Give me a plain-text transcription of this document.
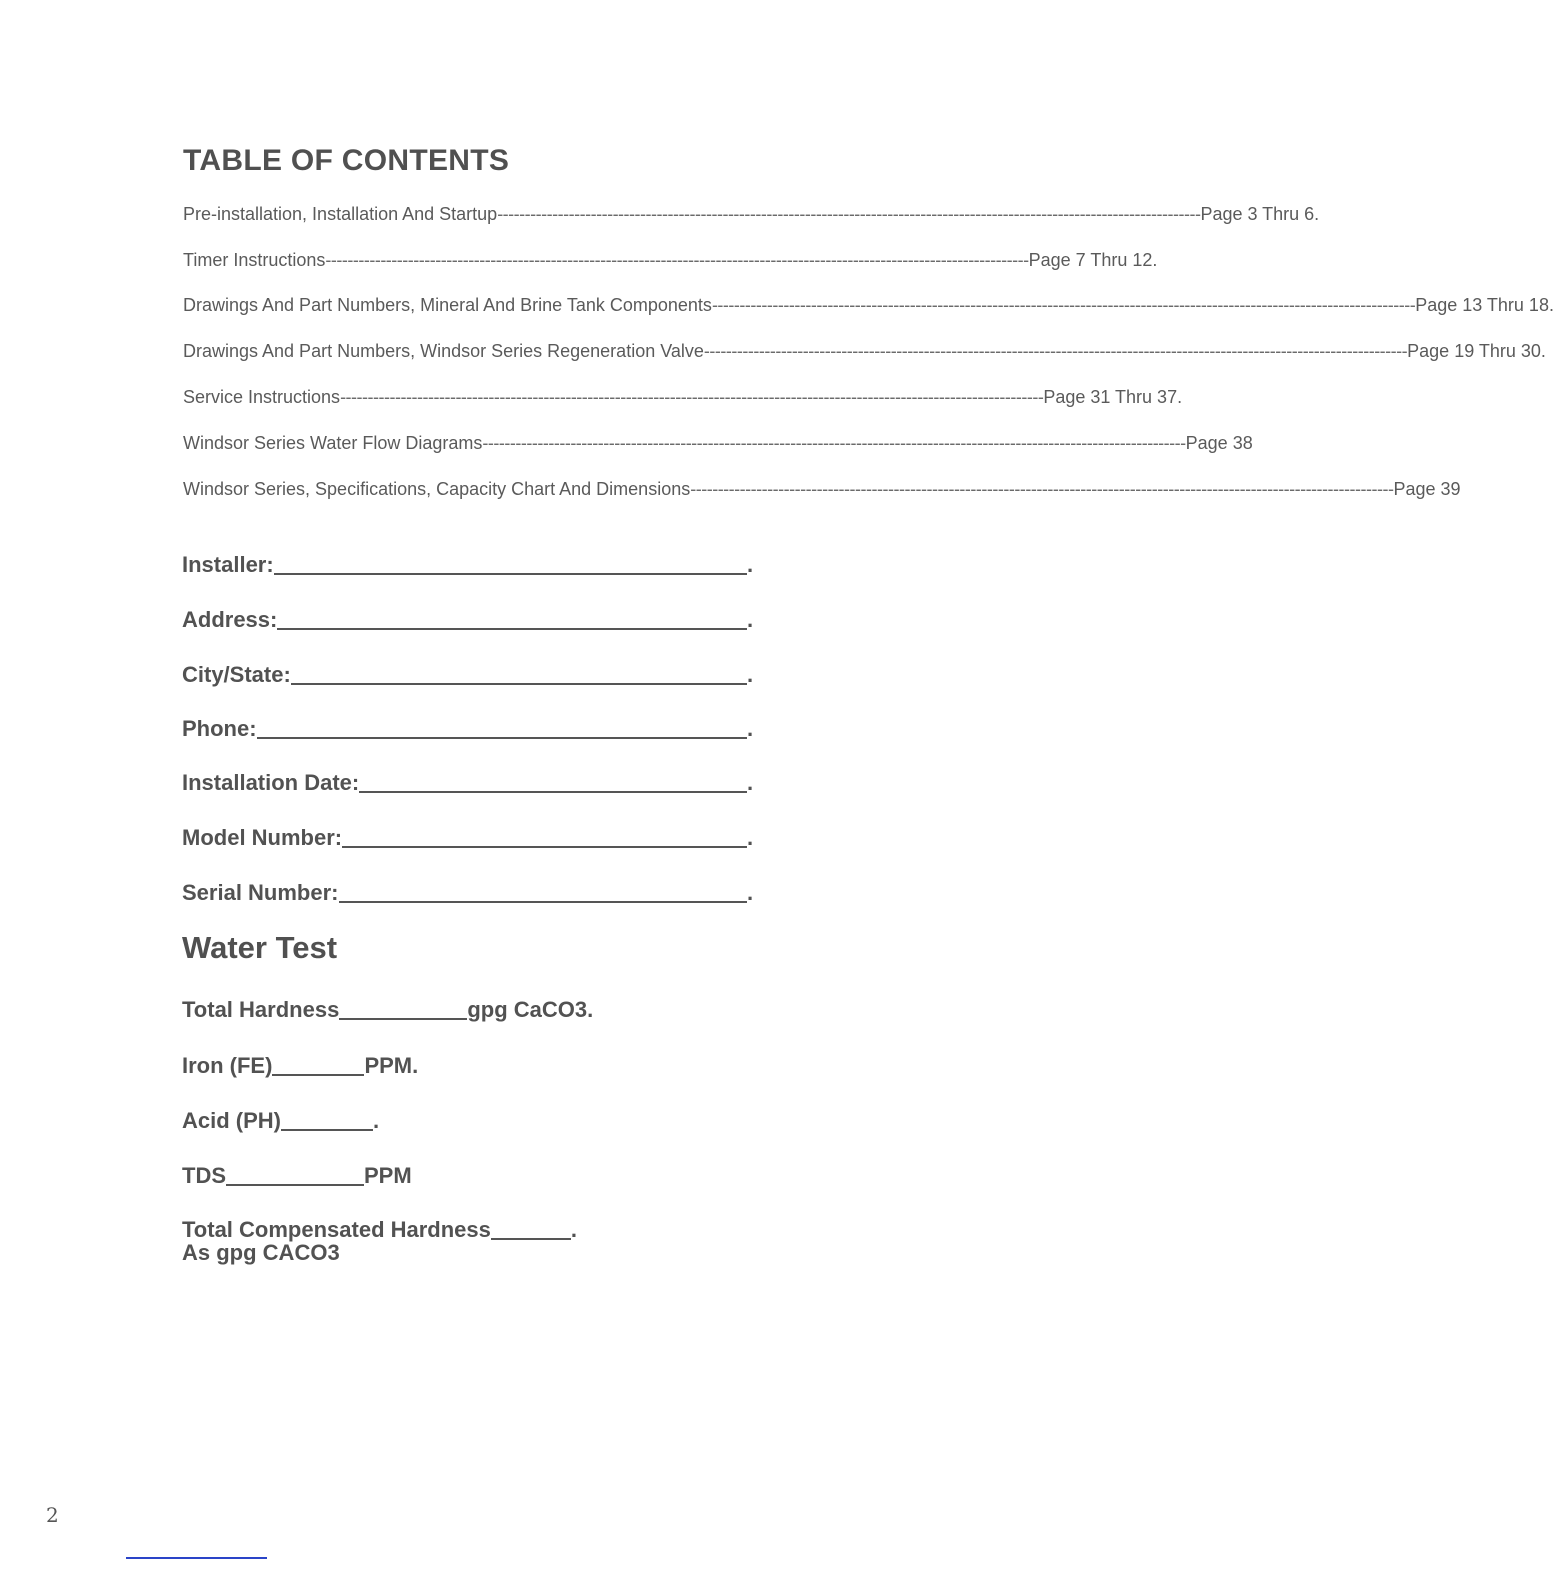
TABLE OF CONTENTS
Pre-installation, Installation And Startup -------------------------------------------------------------------------------------------------------------------------------- Page 3 Thru 6.
Timer Instructions -------------------------------------------------------------------------------------------------------------------------------- Page 7 Thru 12.
Drawings And Part Numbers, Mineral And Brine Tank Components -------------------------------------------------------------------------------------------------------------------------------- Page 13 Thru 18.
Drawings And Part Numbers, Windsor Series Regeneration Valve -------------------------------------------------------------------------------------------------------------------------------- Page 19 Thru 30.
Service Instructions -------------------------------------------------------------------------------------------------------------------------------- Page 31 Thru 37.
Windsor Series Water Flow Diagrams -------------------------------------------------------------------------------------------------------------------------------- Page 38
Windsor Series, Specifications, Capacity Chart And Dimensions -------------------------------------------------------------------------------------------------------------------------------- Page 39
Installer:	.
Address:	.
City/State:	.
Phone:	.
Installation Date:	.
Model Number:	.
Serial Number:	.
Water Test
Total Hardness	gpg CaCO3.
Iron (FE)	PPM.
Acid (PH)	.
TDS	PPM
Total Compensated Hardness	.
As gpg CACO3
2
